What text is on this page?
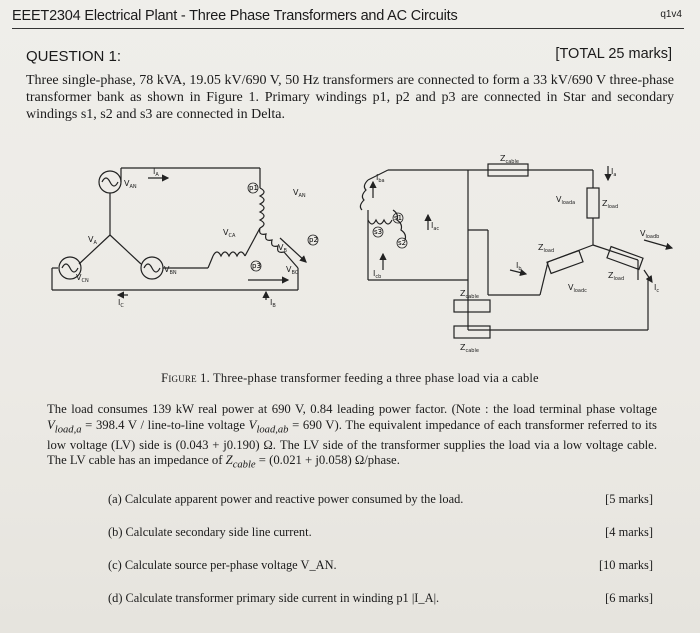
EEET2304 Electrical Plant - Three Phase Transformers and AC Circuits	q1v4
QUESTION 1:	[TOTAL 25 marks]
Three single-phase, 78 kVA, 19.05 kV/690 V, 50 Hz transformers are connected to form a 33 kV/690 V three-phase transformer bank as shown in Figure 1. Primary windings p1, p2 and p3 are connected in Star and secondary windings s1, s2 and s3 are connected in Delta.
p1
p2
p3
s1
s3
s2
$V_{AN}$
$V_{BN}$
$V_{CN}$
$V_A$
$V_{AN}$
$V_{CA}$
$V_B$
$V_{BC}$
$I_A$
$I_C$	$I_B$
$I_{ba}$
$I_{ac}$
$I_{cb}$
$I_a$
$I_b$
$I_c$
$Z_{cable}$
$Z_{cable}$
$Z_{cable}$
$Z_{load}$
$Z_{load}$
$Z_{load}$
$V_{loada}$
$V_{loadb}$
$V_{loadc}$
Figure 1. Three-phase transformer feeding a three phase load via a cable
The load consumes 139 kW real power at 690 V, 0.84 leading power factor. (Note : the load terminal phase voltage $V_{load,a} = 398.4$ V / line-to-line voltage $V_{load,ab} = 690$ V). The equivalent impedance of each transformer referred to its low voltage (LV) side is (0.043 + j0.190) Ω. The LV side of the transformer supplies the load via a low voltage cable. The LV cable has an impedance of $Z_{cable} = (0.021 + j0.058)$ Ω/phase.
(a) Calculate apparent power and reactive power consumed by the load.	[5 marks]
(b) Calculate secondary side line current.	[4 marks]
(c) Calculate source per-phase voltage V_AN.	[10 marks]
(d) Calculate transformer primary side current in winding p1 |I_A|.	[6 marks]
